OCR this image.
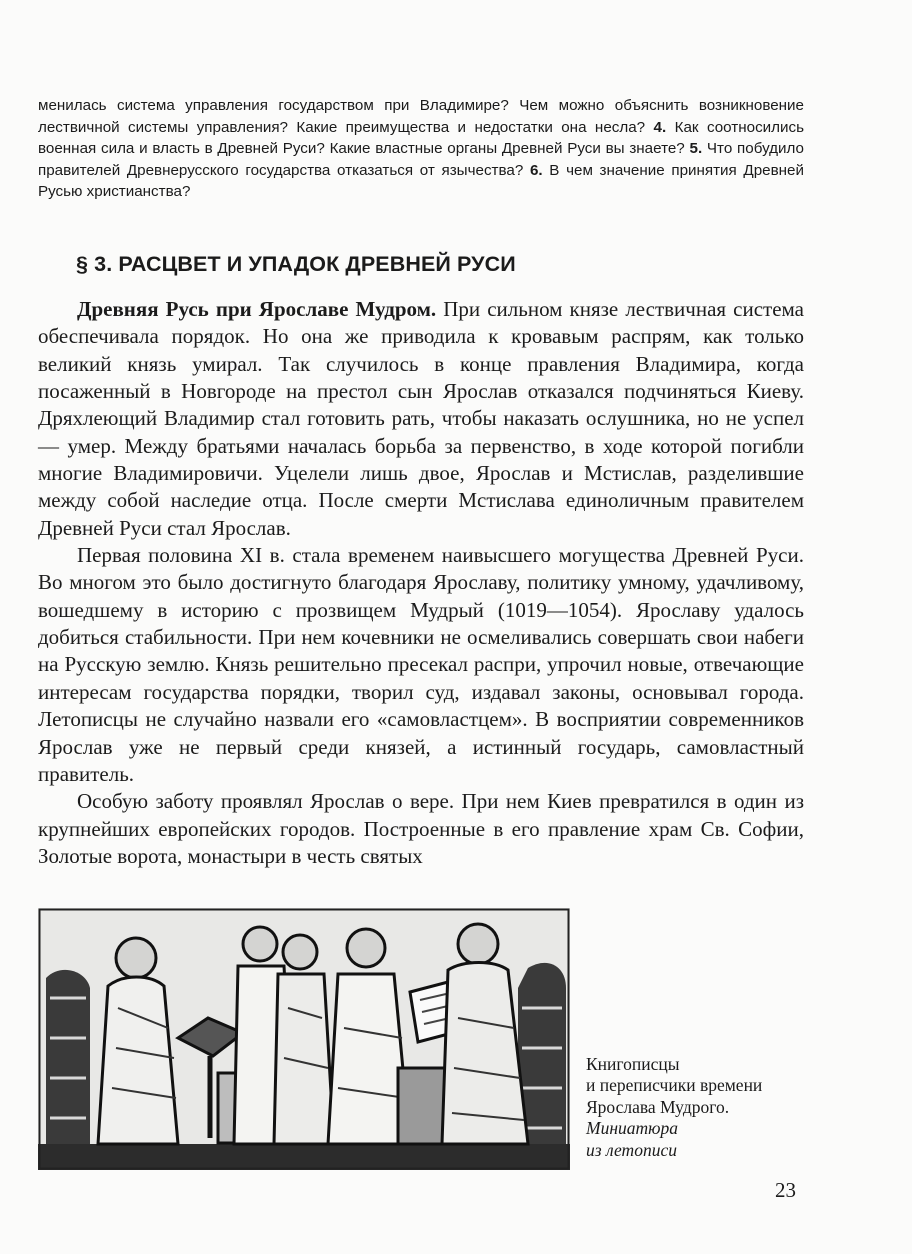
менилась система управления государством при Владимире? Чем можно объяснить возникновение лествичной системы управления? Какие преимущества и недостатки она несла? 4. Как соотносились военная сила и власть в Древней Руси? Какие властные органы Древней Руси вы знаете? 5. Что побудило правителей Древнерусского государства отказаться от язычества? 6. В чем значение принятия Древней Русью христианства?

§ 3. РАСЦВЕТ И УПАДОК ДРЕВНЕЙ РУСИ

Древняя Русь при Ярославе Мудром. При сильном князе лествичная система обеспечивала порядок. Но она же приводила к кровавым распрям, как только великий князь умирал. Так случилось в конце правления Владимира, когда посаженный в Новгороде на престол сын Ярослав отказался подчиняться Киеву. Дряхлеющий Владимир стал готовить рать, чтобы наказать ослушника, но не успел — умер. Между братьями началась борьба за первенство, в ходе которой погибли многие Владимировичи. Уцелели лишь двое, Ярослав и Мстислав, разделившие между собой наследие отца. После смерти Мстислава единоличным правителем Древней Руси стал Ярослав.

Первая половина XI в. стала временем наивысшего могущества Древней Руси. Во многом это было достигнуто благодаря Ярославу, политику умному, удачливому, вошедшему в историю с прозвищем Мудрый (1019—1054). Ярославу удалось добиться стабильности. При нем кочевники не осмеливались совершать свои набеги на Русскую землю. Князь решительно пресекал распри, упрочил новые, отвечающие интересам государства порядки, творил суд, издавал законы, основывал города. Летописцы не случайно назвали его «самовластцем». В восприятии современников Ярослав уже не первый среди князей, а истинный государь, самовластный правитель.

Особую заботу проявлял Ярослав о вере. При нем Киев превратился в один из крупнейших европейских городов. Построенные в его правление храм Св. Софии, Золотые ворота, монастыри в честь святых

Книгописцы
и переписчики времени
Ярослава Мудрого.
Миниатюра
из летописи
23
